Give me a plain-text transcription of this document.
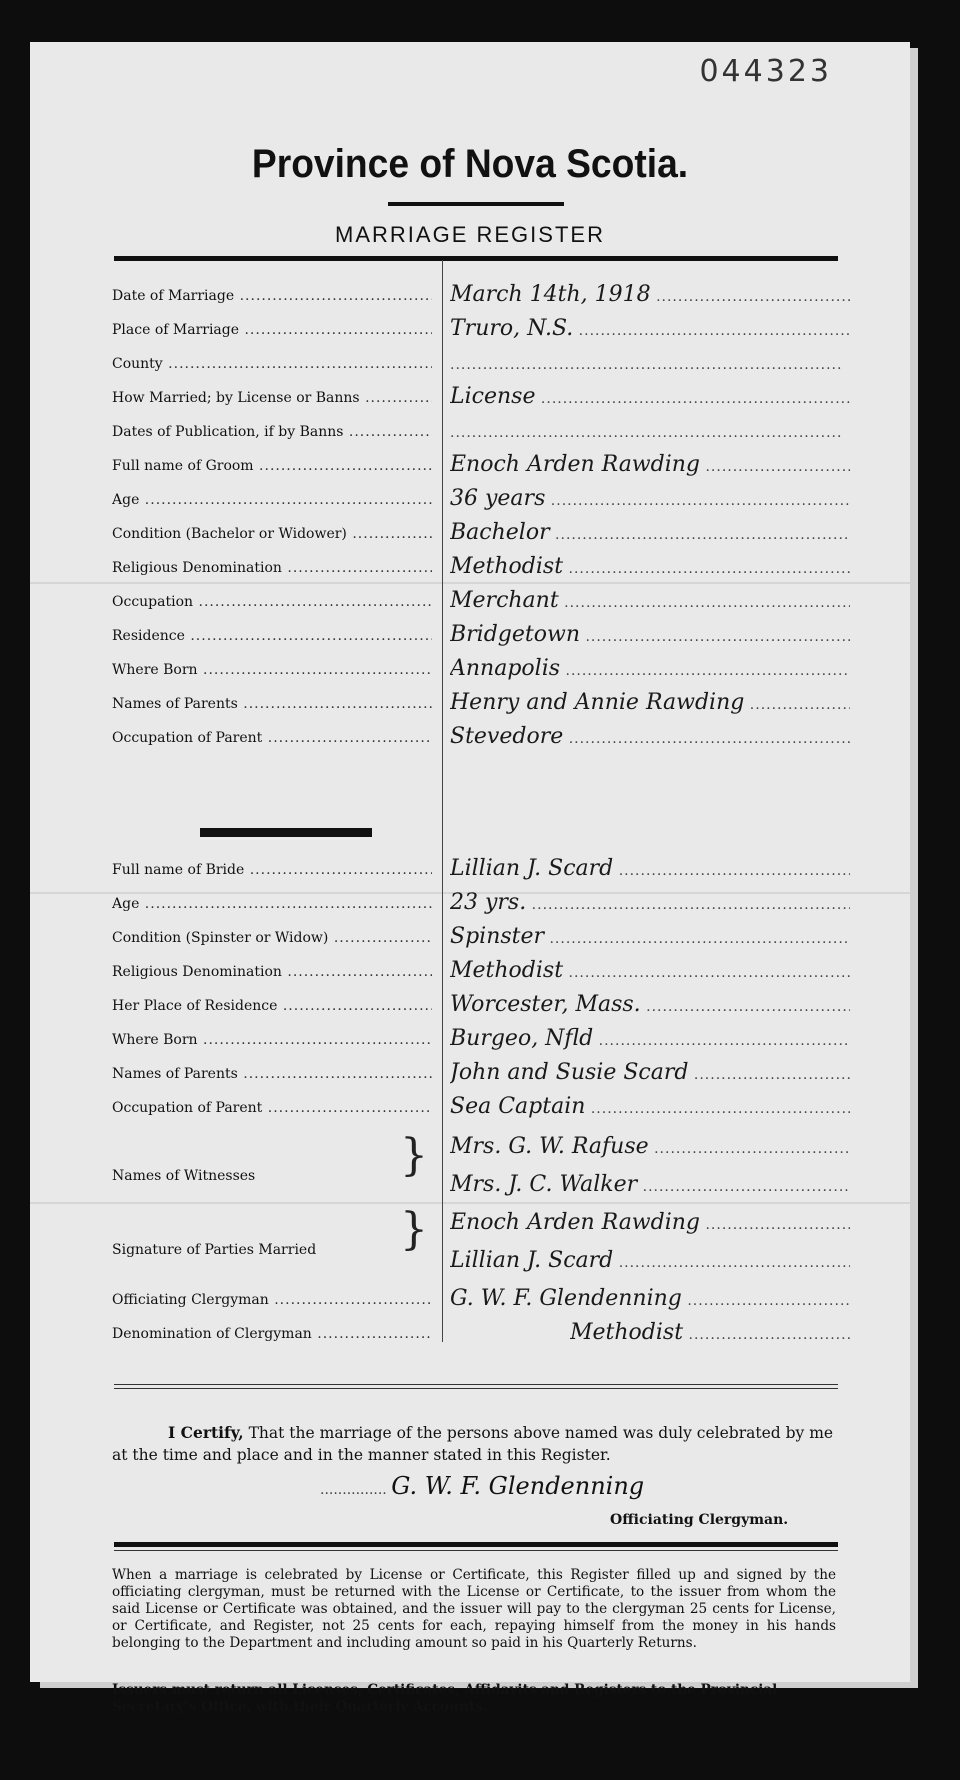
044323
Province of Nova Scotia.
MARRIAGE REGISTER
Date of Marriage .....	March 14th, 1918 .....
Place of Marriage .....	Truro, N.S. .....
County .....
.....
How Married; by License or Banns .....	License .....
Dates of Publication, if by Banns .....
.....
Full name of Groom .....	Enoch Arden Rawding .....
Age .....	36 years .....
Condition (Bachelor or Widower) .....	Bachelor .....
Religious Denomination .....	Methodist .....
Occupation .....	Merchant .....
Residence .....	Bridgetown .....
Where Born .....	Annapolis .....
Names of Parents .....	Henry and Annie Rawding .....
Occupation of Parent .....	Stevedore .....
Full name of Bride .....	Lillian J. Scard .....
Age .....	23 yrs. .....
Condition (Spinster or Widow) .....	Spinster .....
Religious Denomination .....	Methodist .....
Her Place of Residence .....	Worcester, Mass. .....
Where Born .....	Burgeo, Nfld .....
Names of Parents .....	John and Susie Scard .....
Occupation of Parent .....	Sea Captain .....
Names of Witnesses	} Mrs. G. W. Rafuse .....
Mrs. J. C. Walker .....
Signature of Parties Married } Enoch Arden Rawding .....
Lillian J. Scard .....
Officiating Clergyman .....	G. W. F. Glendenning .....
Denomination of Clergyman .....	Methodist .....
I Certify, That the marriage of the persons above named was duly celebrated by me at the time and place and in the manner stated in this Register.
..... G. W. F. Glendenning
Officiating Clergyman.
When a marriage is celebrated by License or Certificate, this Register filled up and signed by the officiating clergyman, must be returned with the License or Certificate, to the issuer from whom the said License or Certificate was obtained, and the issuer will pay to the clergyman 25 cents for License, or Certificate, and Register, not 25 cents for each, repaying himself from the money in his hands belonging to the Department and including amount so paid in his Quarterly Returns.
Issuers must return all Licenses, Certificates, Affidavits and Registers to the Provincial Secretary's Office, with their Quarterly Accounts.
